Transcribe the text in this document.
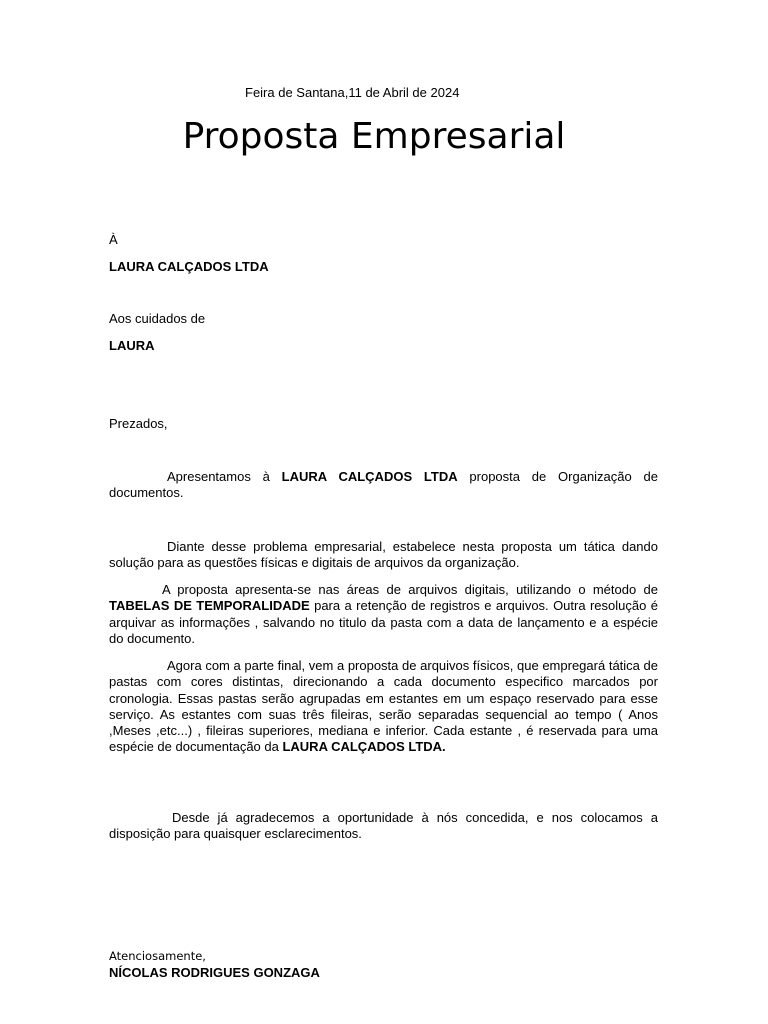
Feira de Santana,11 de Abril de 2024
Proposta Empresarial
À
LAURA CALÇADOS LTDA
Aos cuidados de
LAURA
Prezados,

Apresentamos à LAURA CALÇADOS LTDA proposta de Organização de documentos.

Diante desse problema empresarial, estabelece nesta proposta um tática dando solução para as questões físicas e digitais de arquivos da organização.

A proposta apresenta-se nas áreas de arquivos digitais, utilizando o método de TABELAS DE TEMPORALIDADE para a retenção de registros e arquivos. Outra resolução é arquivar as informações , salvando no titulo da pasta com a data de lançamento e a espécie do documento.

Agora com a parte final, vem a proposta de arquivos físicos, que empregará tática de pastas com cores distintas, direcionando a cada documento especifico marcados por cronologia. Essas pastas serão agrupadas em estantes em um espaço reservado para esse serviço. As estantes com suas três fileiras, serão separadas sequencial ao tempo ( Anos ,Meses ,etc...) , fileiras superiores, mediana e inferior. Cada estante , é reservada para uma espécie de documentação da LAURA CALÇADOS LTDA.

Desde já agradecemos a oportunidade à nós concedida, e nos colocamos a disposição para quaisquer esclarecimentos.

Atenciosamente,
NÍCOLAS RODRIGUES GONZAGA
